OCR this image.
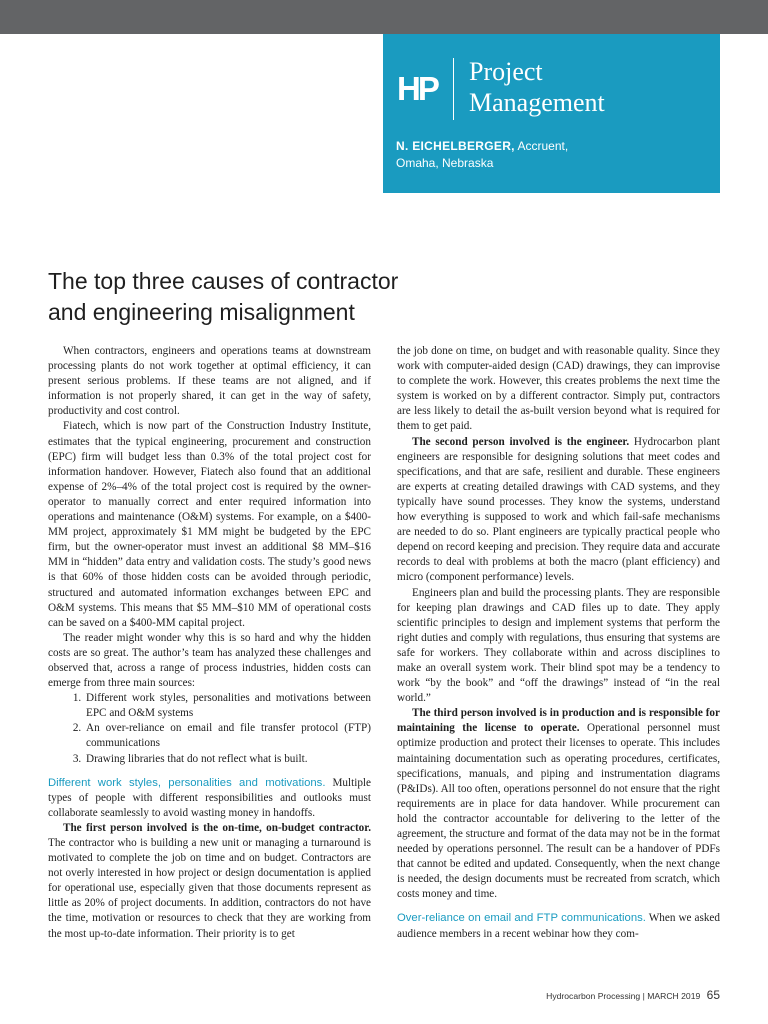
HP Project
Management
N. EICHELBERGER, Accruent,
Omaha, Nebraska
The top three causes of contractor
and engineering misalignment

When contractors, engineers and operations teams at downstream processing plants do not work together at optimal efficiency, it can present serious problems. If these teams are not aligned, and if information is not properly shared, it can get in the way of safety, productivity and cost control.

Fiatech, which is now part of the Construction Industry Institute, estimates that the typical engineering, procurement and construction (EPC) firm will budget less than 0.3% of the total project cost for information handover. However, Fiatech also found that an additional expense of 2%–4% of the total project cost is required by the owner-operator to manually correct and enter required information into operations and maintenance (O&M) systems. For example, on a $400-MM project, approximately $1 MM might be budgeted by the EPC firm, but the owner-operator must invest an additional $8 MM–$16 MM in “hidden” data entry and validation costs. The study’s good news is that 60% of those hidden costs can be avoided through periodic, structured and automated information exchanges between EPC and O&M systems. This means that $5 MM–$10 MM of operational costs can be saved on a $400-MM capital project.

The reader might wonder why this is so hard and why the hidden costs are so great. The author’s team has analyzed these challenges and observed that, across a range of process industries, hidden costs can emerge from three main sources:

1. Different work styles, personalities and motivations between EPC and O&M systems
2. An over-reliance on email and file transfer protocol (FTP) communications
3. Drawing libraries that do not reflect what is built.

Different work styles, personalities and motivations. Multiple types of people with different responsibilities and outlooks must collaborate seamlessly to avoid wasting money in handoffs.

The first person involved is the on-time, on-budget contractor. The contractor who is building a new unit or managing a turnaround is motivated to complete the job on time and on budget. Contractors are not overly interested in how project or design documentation is applied for operational use, especially given that those documents represent as little as 20% of project documents. In addition, contractors do not have the time, motivation or resources to check that they are working from the most up-to-date information. Their priority is to get

the job done on time, on budget and with reasonable quality. Since they work with computer-aided design (CAD) drawings, they can improvise to complete the work. However, this creates problems the next time the system is worked on by a different contractor. Simply put, contractors are less likely to detail the as-built version beyond what is required for them to get paid.

The second person involved is the engineer. Hydrocarbon plant engineers are responsible for designing solutions that meet codes and specifications, and that are safe, resilient and durable. These engineers are experts at creating detailed drawings with CAD systems, and they typically have sound processes. They know the systems, understand how everything is supposed to work and which fail-safe mechanisms are needed to do so. Plant engineers are typically practical people who depend on record keeping and precision. They require data and accurate records to deal with problems at both the macro (plant efficiency) and micro (component performance) levels.

Engineers plan and build the processing plants. They are responsible for keeping plan drawings and CAD files up to date. They apply scientific principles to design and implement systems that perform the right duties and comply with regulations, thus ensuring that systems are safe for workers. They collaborate within and across disciplines to make an overall system work. Their blind spot may be a tendency to work “by the book” and “off the drawings” instead of “in the real world.”

The third person involved is in production and is responsible for maintaining the license to operate. Operational personnel must optimize production and protect their licenses to operate. This includes maintaining documentation such as operating procedures, certificates, specifications, manuals, and piping and instrumentation diagrams (P&IDs). All too often, operations personnel do not ensure that the right requirements are in place for data handover. While procurement can hold the contractor accountable for delivering to the letter of the agreement, the structure and format of the data may not be in the format needed by operations personnel. The result can be a handover of PDFs that cannot be edited and updated. Consequently, when the next change is needed, the design documents must be recreated from scratch, which costs money and time.

Over-reliance on email and FTP communications. When we asked audience members in a recent webinar how they com-

Hydrocarbon Processing | MARCH 2019 65
